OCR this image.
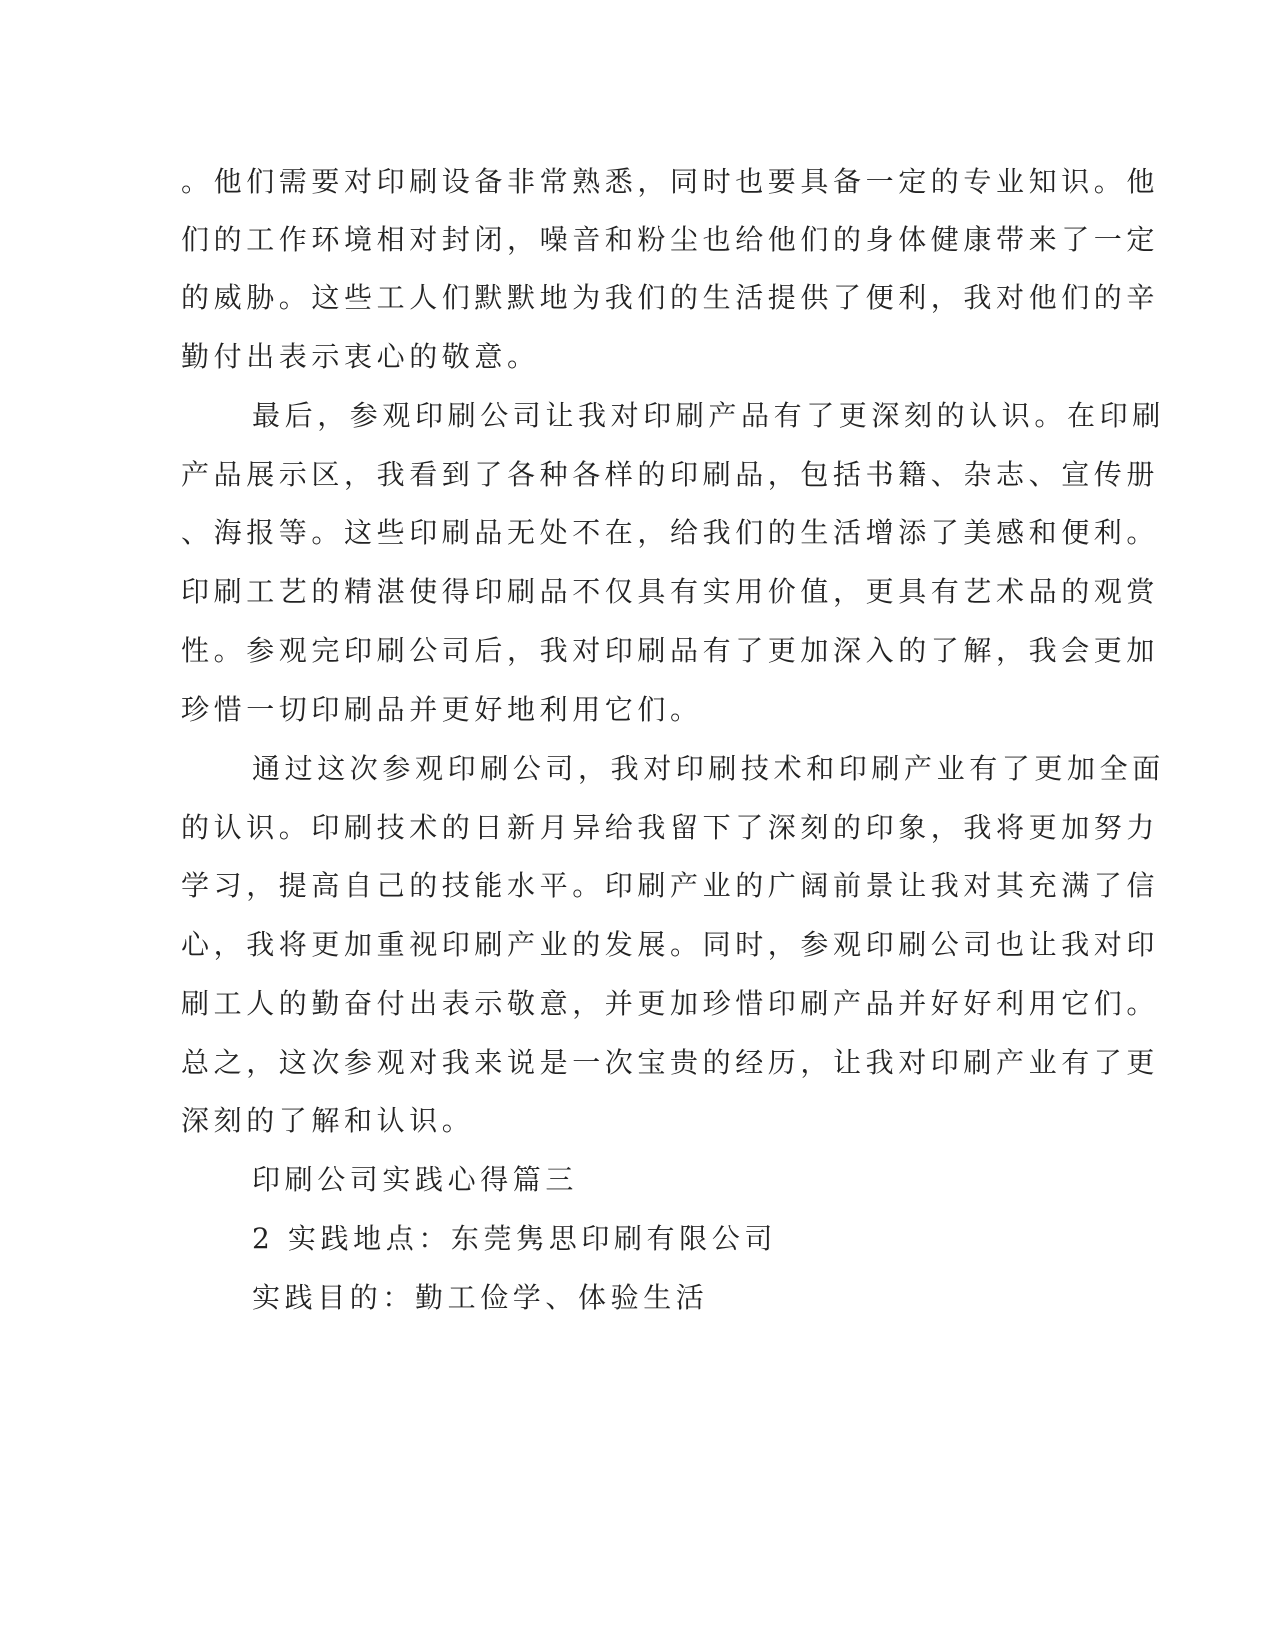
。他们需要对印刷设备非常熟悉，同时也要具备一定的专业知识。他
们的工作环境相对封闭，噪音和粉尘也给他们的身体健康带来了一定
的威胁。这些工人们默默地为我们的生活提供了便利，我对他们的辛
勤付出表示衷心的敬意。
最后，参观印刷公司让我对印刷产品有了更深刻的认识。在印刷
产品展示区，我看到了各种各样的印刷品，包括书籍、杂志、宣传册
、海报等。这些印刷品无处不在，给我们的生活增添了美感和便利。
印刷工艺的精湛使得印刷品不仅具有实用价值，更具有艺术品的观赏
性。参观完印刷公司后，我对印刷品有了更加深入的了解，我会更加
珍惜一切印刷品并更好地利用它们。
通过这次参观印刷公司，我对印刷技术和印刷产业有了更加全面
的认识。印刷技术的日新月异给我留下了深刻的印象，我将更加努力
学习，提高自己的技能水平。印刷产业的广阔前景让我对其充满了信
心，我将更加重视印刷产业的发展。同时，参观印刷公司也让我对印
刷工人的勤奋付出表示敬意，并更加珍惜印刷产品并好好利用它们。
总之，这次参观对我来说是一次宝贵的经历，让我对印刷产业有了更
深刻的了解和认识。
印刷公司实践心得篇三
2 实践地点：东莞隽思印刷有限公司
实践目的：勤工俭学、体验生活
